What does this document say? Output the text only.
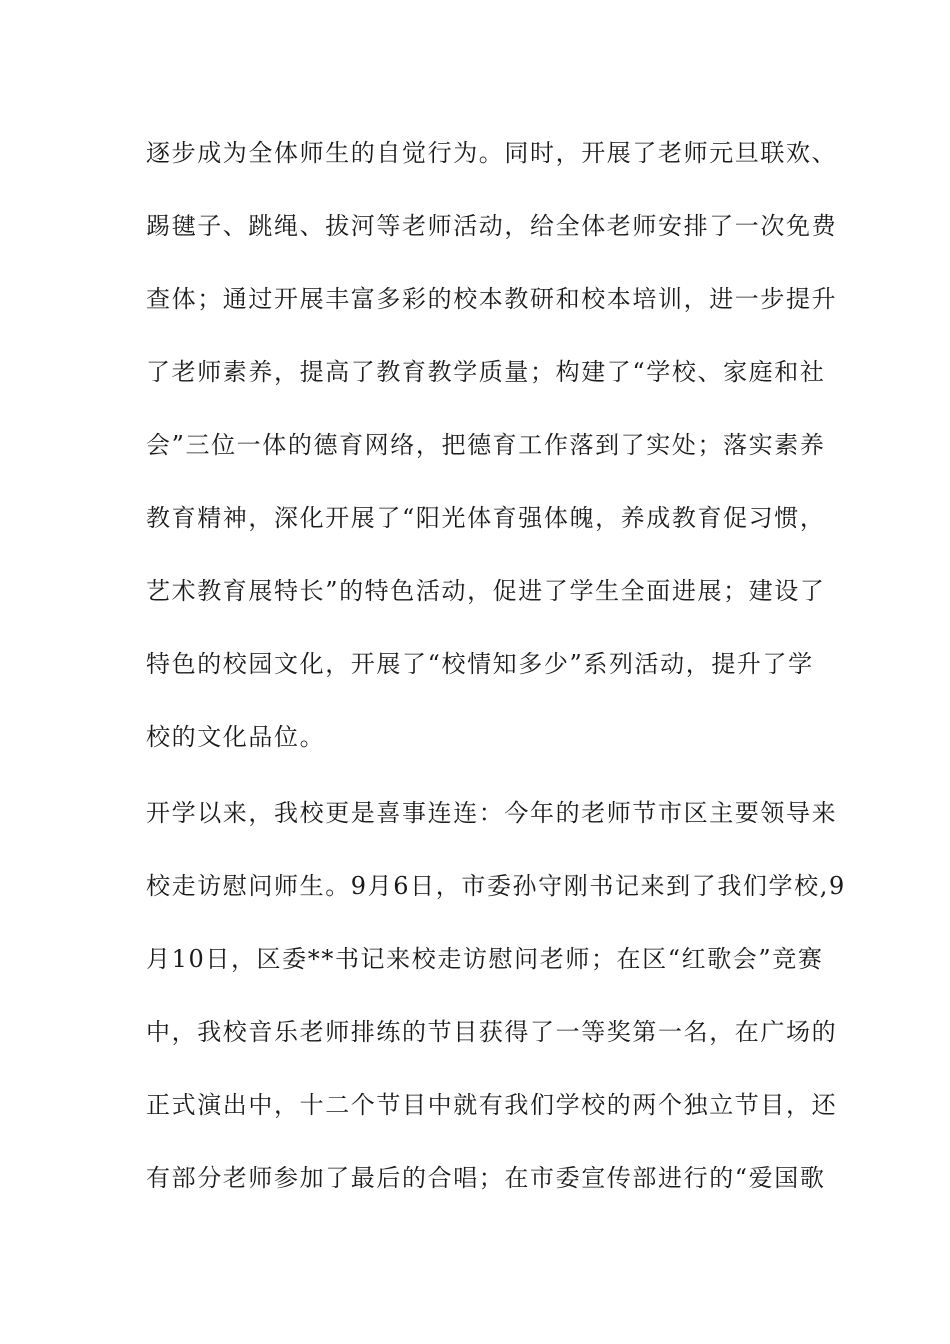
逐步成为全体师生的自觉行为。同时，开展了老师元旦联欢、
踢毽子、跳绳、拔河等老师活动，给全体老师安排了一次免费
查体；通过开展丰富多彩的校本教研和校本培训，进一步提升
了老师素养，提高了教育教学质量；构建了“学校、家庭和社
会”三位一体的德育网络，把德育工作落到了实处；落实素养
教育精神，深化开展了“阳光体育强体魄，养成教育促习惯，
艺术教育展特长”的特色活动，促进了学生全面进展；建设了
特色的校园文化，开展了“校情知多少”系列活动，提升了学
校的文化品位。
开学以来，我校更是喜事连连：今年的老师节市区主要领导来
校走访慰问师生。9月6日，市委孙守刚书记来到了我们学校,9
月10日，区委**书记来校走访慰问老师；在区“红歌会”竞赛
中，我校音乐老师排练的节目获得了一等奖第一名，在广场的
正式演出中，十二个节目中就有我们学校的两个独立节目，还
有部分老师参加了最后的合唱；在市委宣传部进行的“爱国歌
